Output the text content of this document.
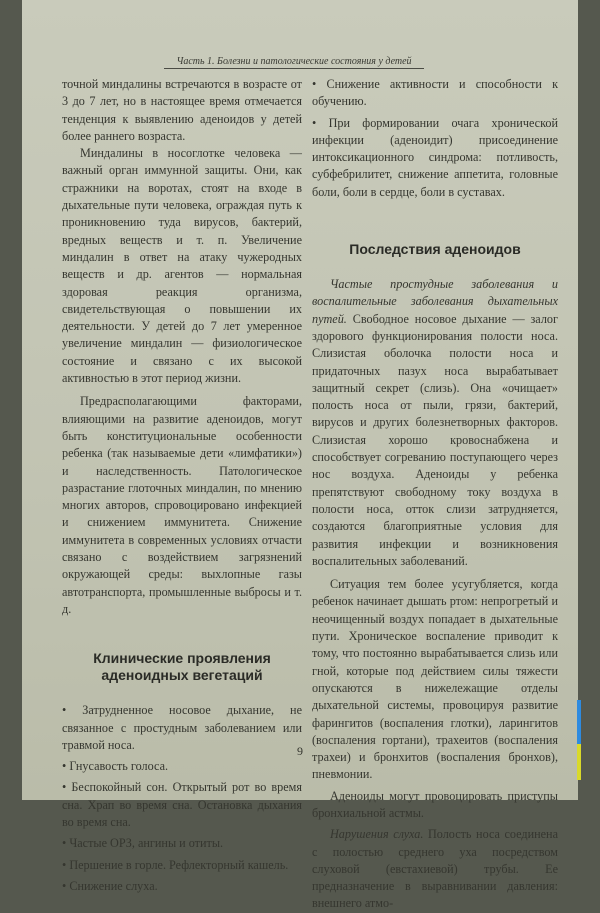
Часть 1. Болезни и патологические состояния у детей

точной миндалины встречаются в возрасте от 3 до 7 лет, но в настоящее время отмечается тенденция к выявлению аденоидов у детей более раннего возраста.

Миндалины в носоглотке человека — важный орган иммунной защиты. Они, как стражники на воротах, стоят на входе в дыхательные пути человека, ограждая путь к проникновению туда вирусов, бактерий, вредных веществ и т. п. Увеличение миндалин в ответ на атаку чужеродных веществ и др. агентов — нормальная здоровая реакция организма, свидетельствующая о повышении их деятельности. У детей до 7 лет умеренное увеличение миндалин — физиологическое состояние и связано с их высокой активностью в этот период жизни.

Предрасполагающими факторами, влияющими на развитие аденоидов, могут быть конституциональные особенности ребенка (так называемые дети «лимфатики») и наследственность. Патологическое разрастание глоточных миндалин, по мнению многих авторов, спровоцировано инфекцией и снижением иммунитета. Снижение иммунитета в современных условиях отчасти связано с воздействием загрязнений окружающей среды: выхлопные газы автотранспорта, промышленные выбросы и т. д.

Клинические проявления
аденоидных вегетаций
• Затрудненное носовое дыхание, не связанное с простудным заболеванием или травмой носа.
• Гнусавость голоса.
• Беспокойный сон. Открытый рот во время сна. Храп во время сна. Остановка дыхания во время сна.
• Частые ОРЗ, ангины и отиты.
• Першение в горле. Рефлекторный кашель.
• Снижение слуха.
• Снижение активности и способности к обучению.
• При формировании очага хронической инфекции (аденоидит) присоединение интоксикационного синдрома: потливость, субфебрилитет, снижение аппетита, головные боли, боли в сердце, боли в суставах.
Последствия аденоидов

Частые простудные заболевания и воспалительные заболевания дыхательных путей. Свободное носовое дыхание — залог здорового функционирования полости носа. Слизистая оболочка полости носа и придаточных пазух носа вырабатывает защитный секрет (слизь). Она «очищает» полость носа от пыли, грязи, бактерий, вирусов и других болезнетворных факторов. Слизистая хорошо кровоснабжена и способствует согреванию поступающего через нос воздуха. Аденоиды у ребенка препятствуют свободному току воздуха в полости носа, отток слизи затрудняется, создаются благоприятные условия для развития инфекции и возникновения воспалительных заболеваний.

Ситуация тем более усугубляется, когда ребенок начинает дышать ртом: непрогретый и неочищенный воздух попадает в дыхательные пути. Хроническое воспаление приводит к тому, что постоянно вырабатывается слизь или гной, которые под действием силы тяжести опускаются в нижележащие отделы дыхательной системы, провоцируя развитие фарингитов (воспаления глотки), ларингитов (воспаления гортани), трахеитов (воспаления трахеи) и бронхитов (воспаления бронхов), пневмонии.

Аденоиды могут провоцировать приступы бронхиальной астмы.

Нарушения слуха. Полость носа соединена с полостью среднего уха посредством слуховой (евстахиевой) трубы. Ее предназначение в выравнивании давления: внешнего атмо-

9
